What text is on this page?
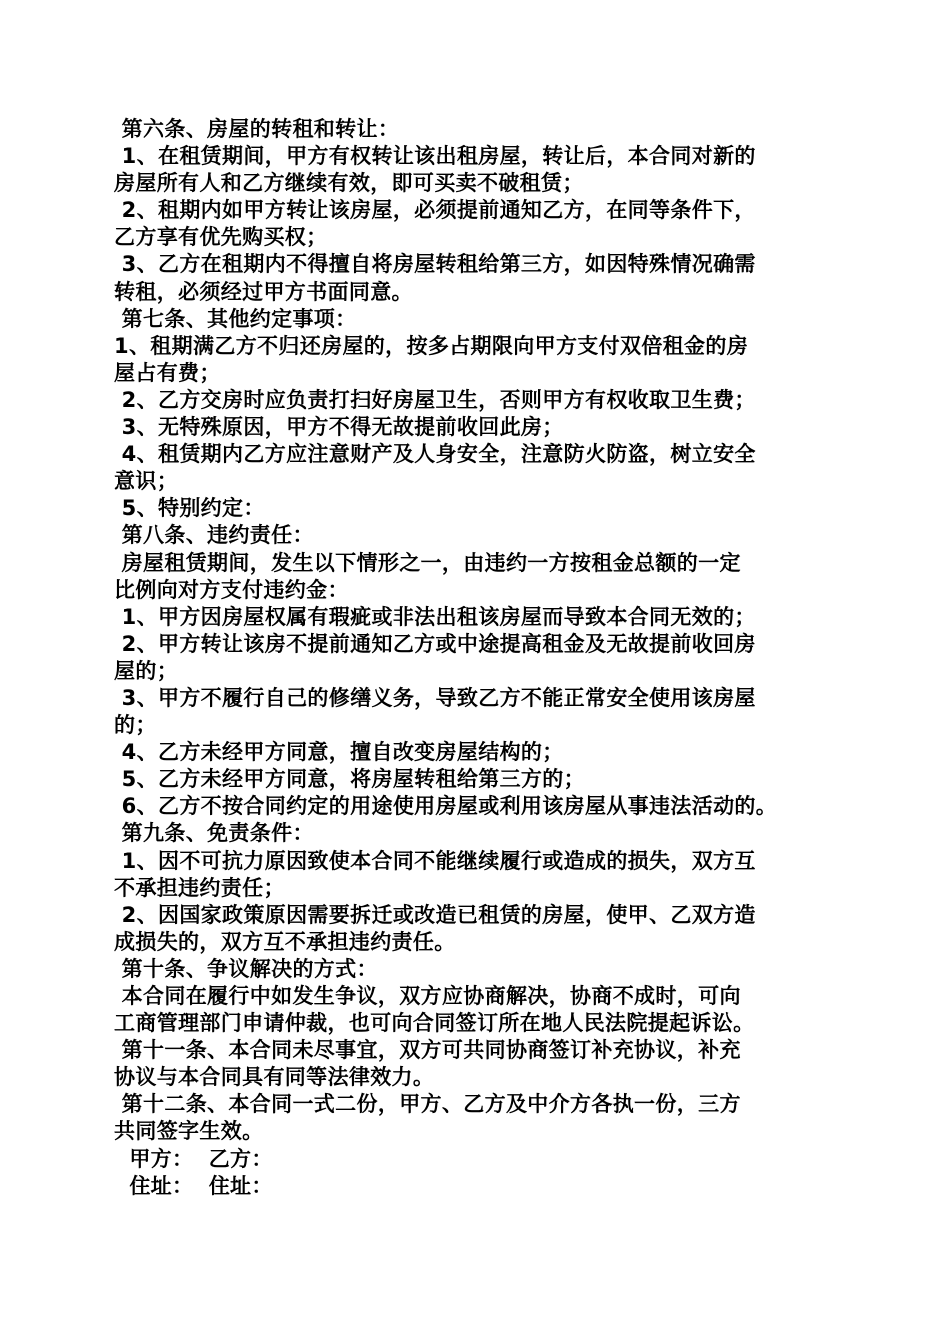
第六条、房屋的转租和转让：
1、在租赁期间，甲方有权转让该出租房屋，转让后，本合同对新的
房屋所有人和乙方继续有效，即可买卖不破租赁；
2、租期内如甲方转让该房屋，必须提前通知乙方，在同等条件下，
乙方享有优先购买权；
3、乙方在租期内不得擅自将房屋转租给第三方，如因特殊情况确需
转租，必须经过甲方书面同意。
第七条、其他约定事项：
1、租期满乙方不归还房屋的，按多占期限向甲方支付双倍租金的房
屋占有费；
2、乙方交房时应负责打扫好房屋卫生，否则甲方有权收取卫生费；
3、无特殊原因，甲方不得无故提前收回此房；
4、租赁期内乙方应注意财产及人身安全，注意防火防盗，树立安全
意识；
5、特别约定：
第八条、违约责任：
房屋租赁期间，发生以下情形之一，由违约一方按租金总额的一定
比例向对方支付违约金：
1、甲方因房屋权属有瑕疵或非法出租该房屋而导致本合同无效的；
2、甲方转让该房不提前通知乙方或中途提高租金及无故提前收回房
屋的；
3、甲方不履行自己的修缮义务，导致乙方不能正常安全使用该房屋
的；
4、乙方未经甲方同意，擅自改变房屋结构的；
5、乙方未经甲方同意，将房屋转租给第三方的；
6、乙方不按合同约定的用途使用房屋或利用该房屋从事违法活动的。
第九条、免责条件：
1、因不可抗力原因致使本合同不能继续履行或造成的损失，双方互
不承担违约责任；
2、因国家政策原因需要拆迁或改造已租赁的房屋，使甲、乙双方造
成损失的，双方互不承担违约责任。
第十条、争议解决的方式：
本合同在履行中如发生争议，双方应协商解决，协商不成时，可向
工商管理部门申请仲裁，也可向合同签订所在地人民法院提起诉讼。
第十一条、本合同未尽事宜，双方可共同协商签订补充协议，补充
协议与本合同具有同等法律效力。
第十二条、本合同一式二份，甲方、乙方及中介方各执一份，三方
共同签字生效。
甲方：  乙方：
住址：  住址：
